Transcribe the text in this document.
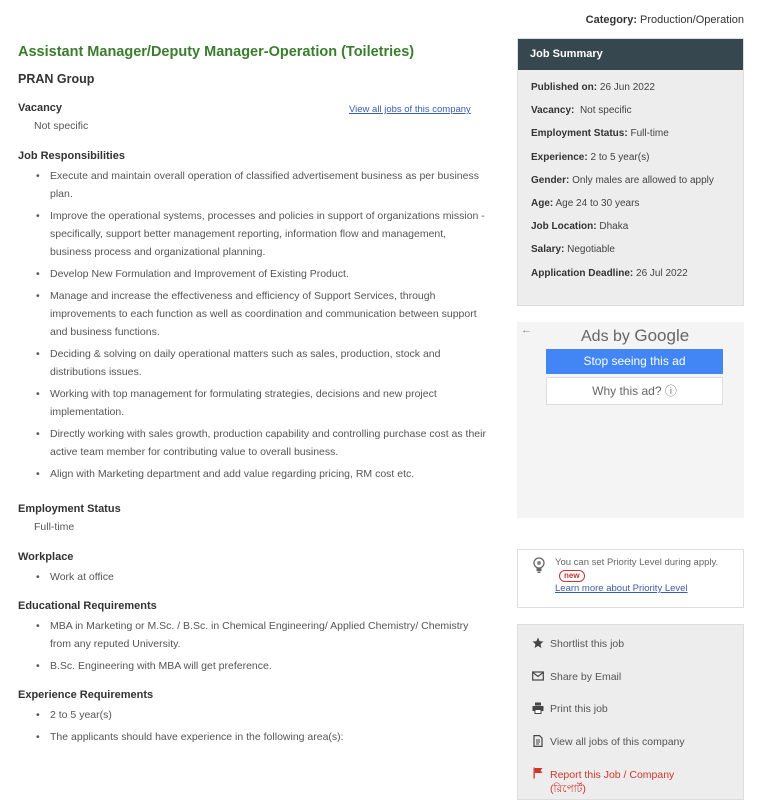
Category: Production/Operation
Assistant Manager/Deputy Manager-Operation (Toiletries)
PRAN Group
View all jobs of this company
Vacancy
Not specific
Job Responsibilities
• Execute and maintain overall operation of classified advertisement business as per business plan.
• Improve the operational systems, processes and policies in support of organizations mission - specifically, support better management reporting, information flow and management, business process and organizational planning.
• Develop New Formulation and Improvement of Existing Product.
• Manage and increase the effectiveness and efficiency of Support Services, through improvements to each function as well as coordination and communication between support and business functions.
• Deciding & solving on daily operational matters such as sales, production, stock and distributions issues.
• Working with top management for formulating strategies, decisions and new project implementation.
• Directly working with sales growth, production capability and controlling purchase cost as their active team member for contributing value to overall business.
• Align with Marketing department and add value regarding pricing, RM cost etc.
Employment Status
Full-time
Workplace
• Work at office
Educational Requirements
• MBA in Marketing or M.Sc. / B.Sc. in Chemical Engineering/ Applied Chemistry/ Chemistry from any reputed University.
• B.Sc. Engineering with MBA will get preference.
Experience Requirements
• 2 to 5 year(s)
• The applicants should have experience in the following area(s):
Job Summary
Published on: 26 Jun 2022
Vacancy: Not specific
Employment Status: Full-time
Experience: 2 to 5 year(s)
Gender: Only males are allowed to apply
Age: Age 24 to 30 years
Job Location: Dhaka
Salary: Negotiable
Application Deadline: 26 Jul 2022
←	Ads by Google
Stop seeing this ad
Why this ad? ⓘ
You can set Priority Level during apply. new
Learn more about Priority Level
Shortlist this job
Share by Email
Print this job
View all jobs of this company
Report this Job / Company
(রিপোর্ট)
